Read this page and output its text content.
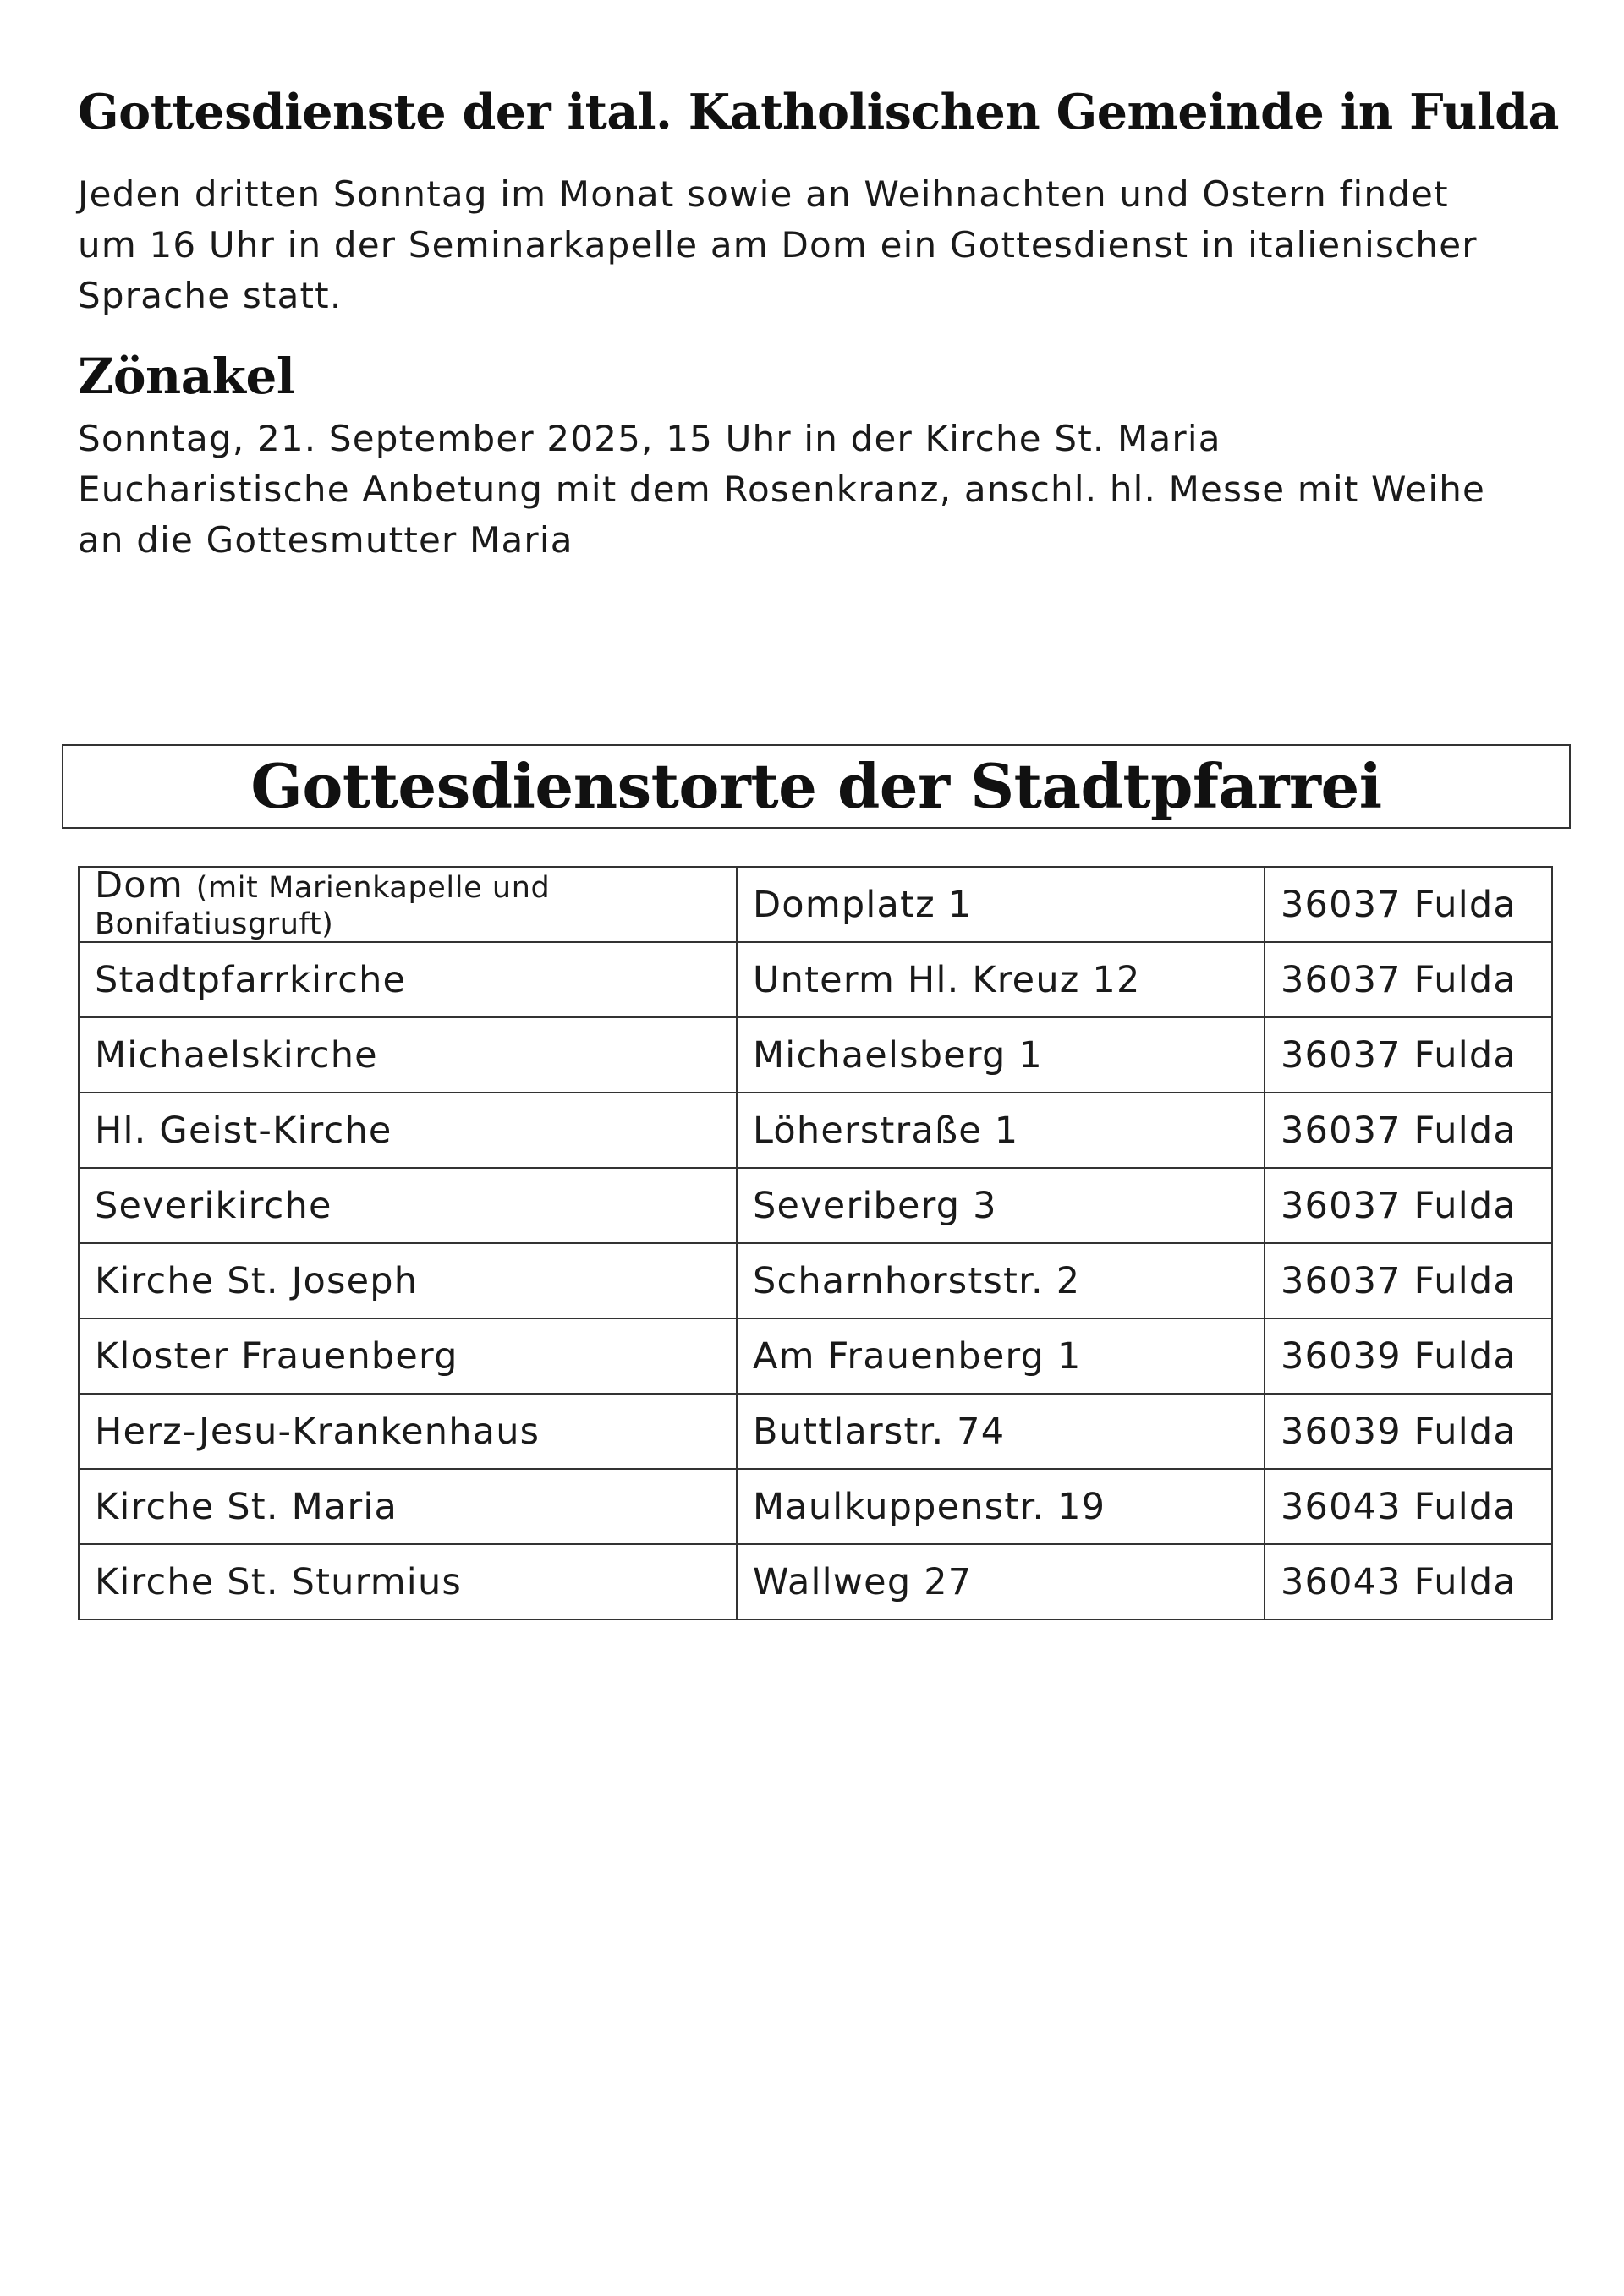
Gottesdienste der ital. Katholischen Gemeinde in Fulda
Jeden dritten Sonntag im Monat sowie an Weihnachten und Ostern findet
um 16 Uhr in der Seminarkapelle am Dom ein Gottesdienst in italienischer
Sprache statt.
Zönakel
Sonntag, 21. September 2025, 15 Uhr in der Kirche St. Maria
Eucharistische Anbetung mit dem Rosenkranz, anschl. hl. Messe mit Weihe
an die Gottesmutter Maria
Gottesdienstorte der Stadtpfarrei
Dom (mit Marienkapelle und Bonifatiusgruft)	Domplatz 1	36037 Fulda
Stadtpfarrkirche	Unterm Hl. Kreuz 12	36037 Fulda
Michaelskirche	Michaelsberg 1	36037 Fulda
Hl. Geist-Kirche	Löherstraße 1	36037 Fulda
Severikirche	Severiberg 3	36037 Fulda
Kirche St. Joseph	Scharnhorststr. 2	36037 Fulda
Kloster Frauenberg	Am Frauenberg 1	36039 Fulda
Herz-Jesu-Krankenhaus	Buttlarstr. 74	36039 Fulda
Kirche St. Maria	Maulkuppenstr. 19	36043 Fulda
Kirche St. Sturmius	Wallweg 27	36043 Fulda
